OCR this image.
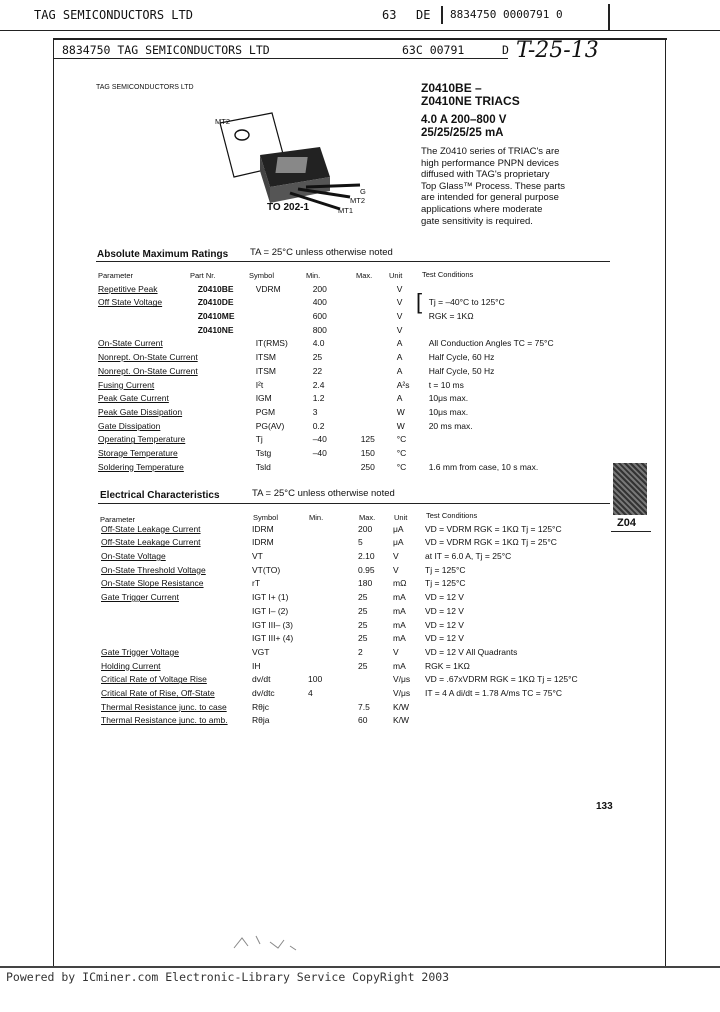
TAG SEMICONDUCTORS LTD	63 DE 8834750 0000791 0
8834750 TAG SEMICONDUCTORS LTD	63C 00791	D T-25-13
TAG SEMICONDUCTORS LTD	Z0410BE –
Z0410NE TRIACS
4.0 A 200–800 V
25/25/25/25 mA
The Z0410 series of TRIAC's are
high performance PNPN devices
diffused with TAG's proprietary
Top Glass™ Process. These parts
are intended for general purpose
applications where moderate
gate sensitivity is required.
MT2
G
MT2
MT1
TO 202-1
Absolute Maximum Ratings TA = 25°C unless otherwise noted
Parameter	Part Nr.	Symbol	Min.	Max. Unit	Test Conditions
Repetitive Peak	Z0410BE	VDRM	200		V	
Off State Voltage	Z0410DE		400		V	Tj = –40°C to 125°C
	Z0410ME		600		V	RGK = 1KΩ
	Z0410NE		800		V	
On-State Current		IT(RMS)	4.0		A	All Conduction Angles TC = 75°C
Nonrept. On-State Current		ITSM	25		A	Half Cycle, 60 Hz
Nonrept. On-State Current		ITSM	22		A	Half Cycle, 50 Hz
Fusing Current		I²t	2.4		A²s	t = 10 ms
Peak Gate Current		IGM	1.2		A	10μs max.
Peak Gate Dissipation		PGM	3		W	10μs max.
Gate Dissipation		PG(AV)	0.2		W	20 ms max.
Operating Temperature		Tj	–40	125	°C	
Storage Temperature		Tstg	–40	150	°C	
Soldering Temperature		Tsld		250	°C	1.6 mm from case, 10 s max.
[
Electrical Characteristics	TA = 25°C unless otherwise noted
Parameter	Symbol	Min.	Max. Unit Test Conditions
Off-State Leakage Current	IDRM		200	μA	VD = VDRM RGK = 1KΩ Tj = 125°C
Off-State Leakage Current	IDRM		5	μA	VD = VDRM RGK = 1KΩ Tj = 25°C
On-State Voltage	VT		2.10	V	at IT = 6.0 A, Tj = 25°C
On-State Threshold Voltage	VT(TO)		0.95	V	Tj = 125°C
On-State Slope Resistance	rT		180	mΩ	Tj = 125°C
Gate Trigger Current	IGT I+ (1)		25	mA	VD = 12 V
	IGT I– (2)		25	mA	VD = 12 V
	IGT III– (3)		25	mA	VD = 12 V
	IGT III+ (4)		25	mA	VD = 12 V
Gate Trigger Voltage	VGT		2	V	VD = 12 V All Quadrants
Holding Current	IH		25	mA	RGK = 1KΩ
Critical Rate of Voltage Rise	dv/dt	100		V/μs	VD = .67xVDRM RGK = 1KΩ Tj = 125°C
Critical Rate of Rise, Off-State	dv/dtc	4		V/μs	IT = 4 A di/dt = 1.78 A/ms TC = 75°C
Thermal Resistance junc. to case	Rθjc		7.5	K/W	
Thermal Resistance junc. to amb.	Rθja		60	K/W	
Z04
133
Powered by ICminer.com Electronic-Library Service CopyRight 2003
